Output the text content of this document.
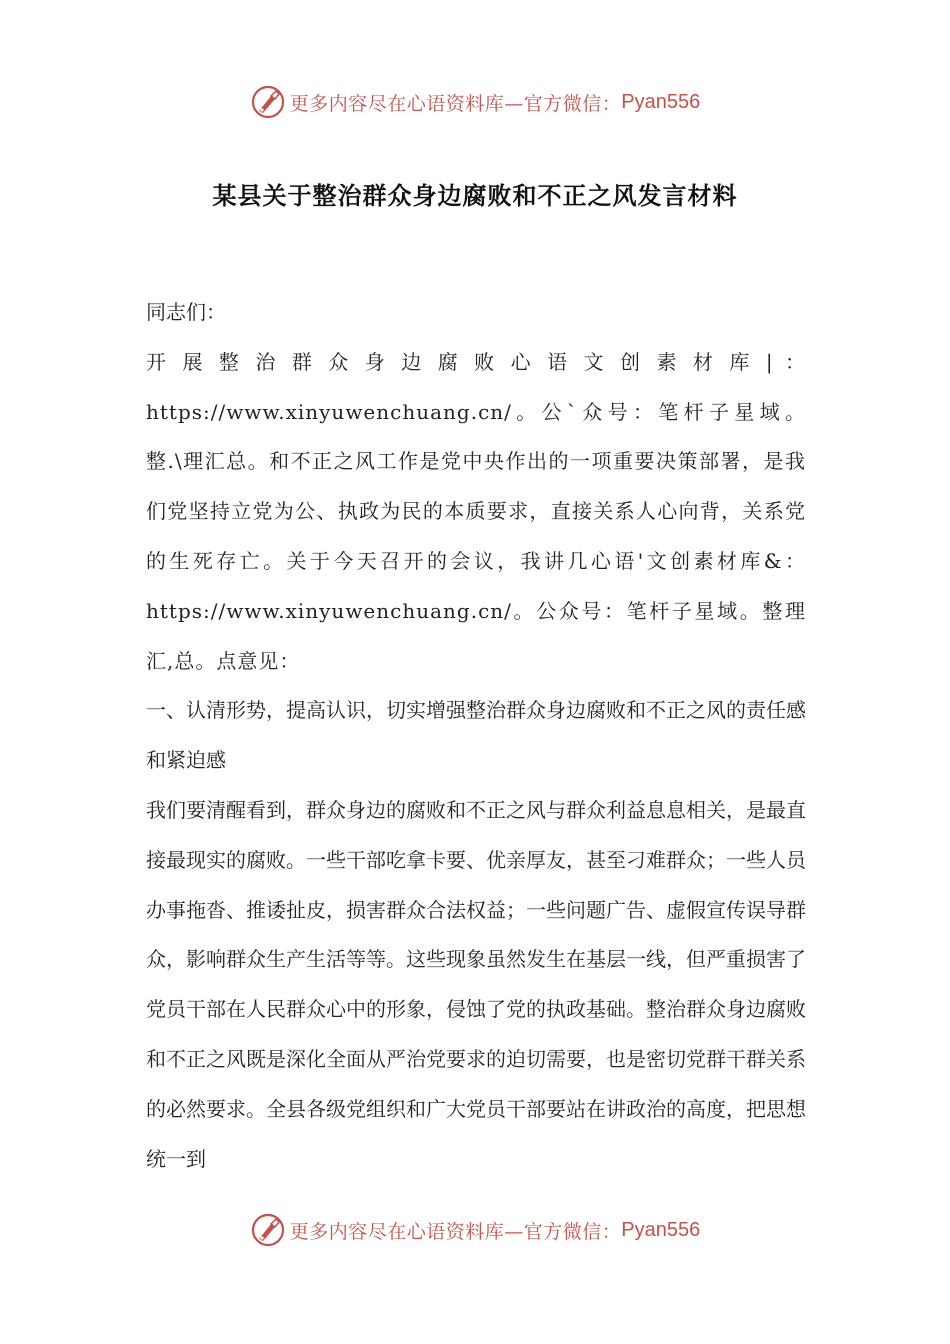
更多内容尽在心语资料库—官方微信： Pyan556
某县关于整治群众身边腐败和不正之风发言材料

同志们：

开 展 整 治 群 众 身 边 腐 败 心 语 文 创 素 材 库 | ： https://www.xinyuwenchuang.cn/。公`众号：笔杆子星域。整.\理汇总。和不正之风工作是党中央作出的一项重要决策部署，是我们党坚持立党为公、执政为民的本质要求，直接关系人心向背，关系党的生死存亡。关于今天召开的会议，我讲几心语'文创素材库&：https://www.xinyuwenchuang.cn/。公众号：笔杆子星域。整理汇,总。点意见：

一、认清形势，提高认识，切实增强整治群众身边腐败和不正之风的责任感和紧迫感

我们要清醒看到，群众身边的腐败和不正之风与群众利益息息相关，是最直接最现实的腐败。一些干部吃拿卡要、优亲厚友，甚至刁难群众；一些人员办事拖沓、推诿扯皮，损害群众合法权益；一些问题广告、虚假宣传误导群众，影响群众生产生活等等。这些现象虽然发生在基层一线，但严重损害了党员干部在人民群众心中的形象，侵蚀了党的执政基础。整治群众身边腐败和不正之风既是深化全面从严治党要求的迫切需要，也是密切党群干群关系的必然要求。全县各级党组织和广大党员干部要站在讲政治的高度，把思想统一到

更多内容尽在心语资料库—官方微信： Pyan556
